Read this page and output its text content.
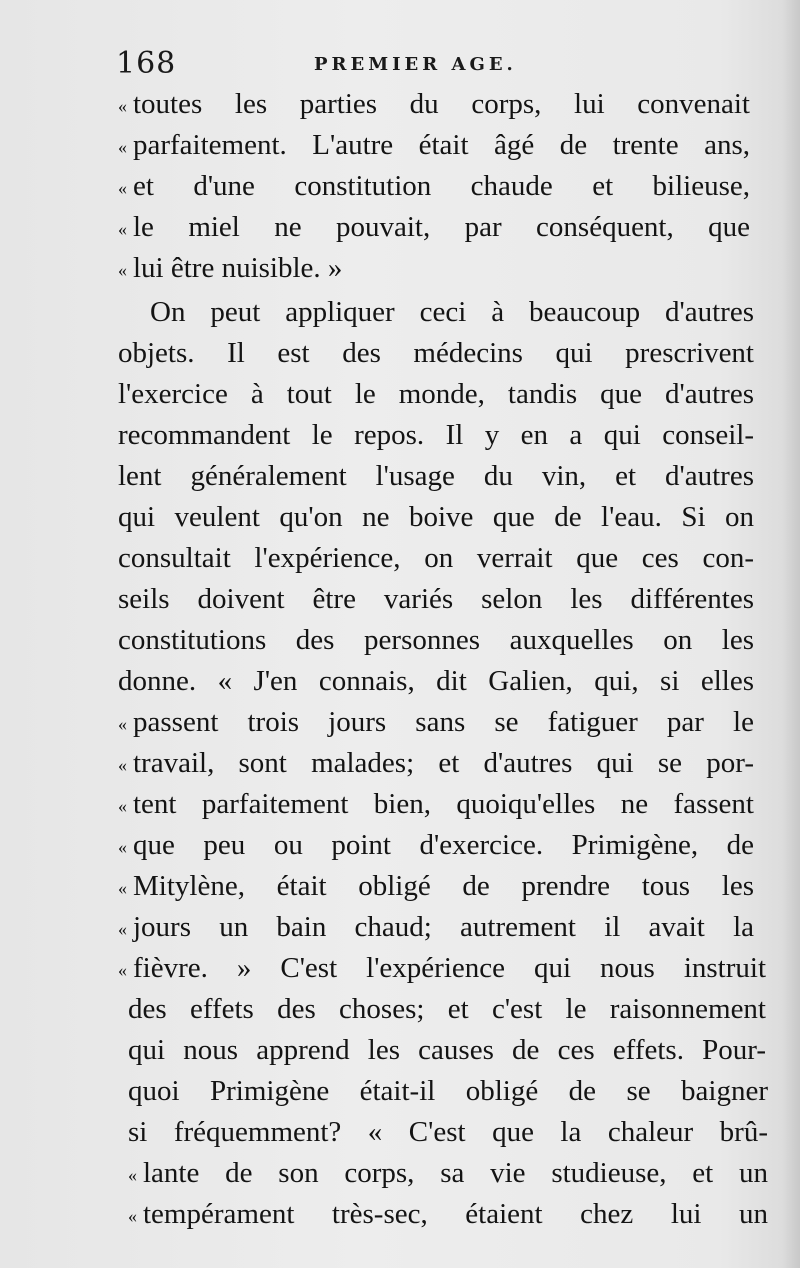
168	PREMIER AGE.
« toutes les parties du corps, lui convenait
« parfaitement. L'autre était âgé de trente ans,
« et d'une constitution chaude et bilieuse,
« le miel ne pouvait, par conséquent, que
« lui être nuisible. »
On peut appliquer ceci à beaucoup d'autres
objets. Il est des médecins qui prescrivent
l'exercice à tout le monde, tandis que d'autres
recommandent le repos. Il y en a qui conseil-
lent généralement l'usage du vin, et d'autres
qui veulent qu'on ne boive que de l'eau. Si on
consultait l'expérience, on verrait que ces con-
seils doivent être variés selon les différentes
constitutions des personnes auxquelles on les
donne. « J'en connais, dit Galien, qui, si elles
« passent trois jours sans se fatiguer par le
« travail, sont malades; et d'autres qui se por-
« tent parfaitement bien, quoiqu'elles ne fassent
« que peu ou point d'exercice. Primigène, de
« Mitylène, était obligé de prendre tous les
« jours un bain chaud; autrement il avait la
« fièvre. » C'est l'expérience qui nous instruit
des effets des choses; et c'est le raisonnement
qui nous apprend les causes de ces effets. Pour-
quoi Primigène était-il obligé de se baigner
si fréquemment? « C'est que la chaleur brû-
« lante de son corps, sa vie studieuse, et un
« tempérament très-sec, étaient chez lui un
